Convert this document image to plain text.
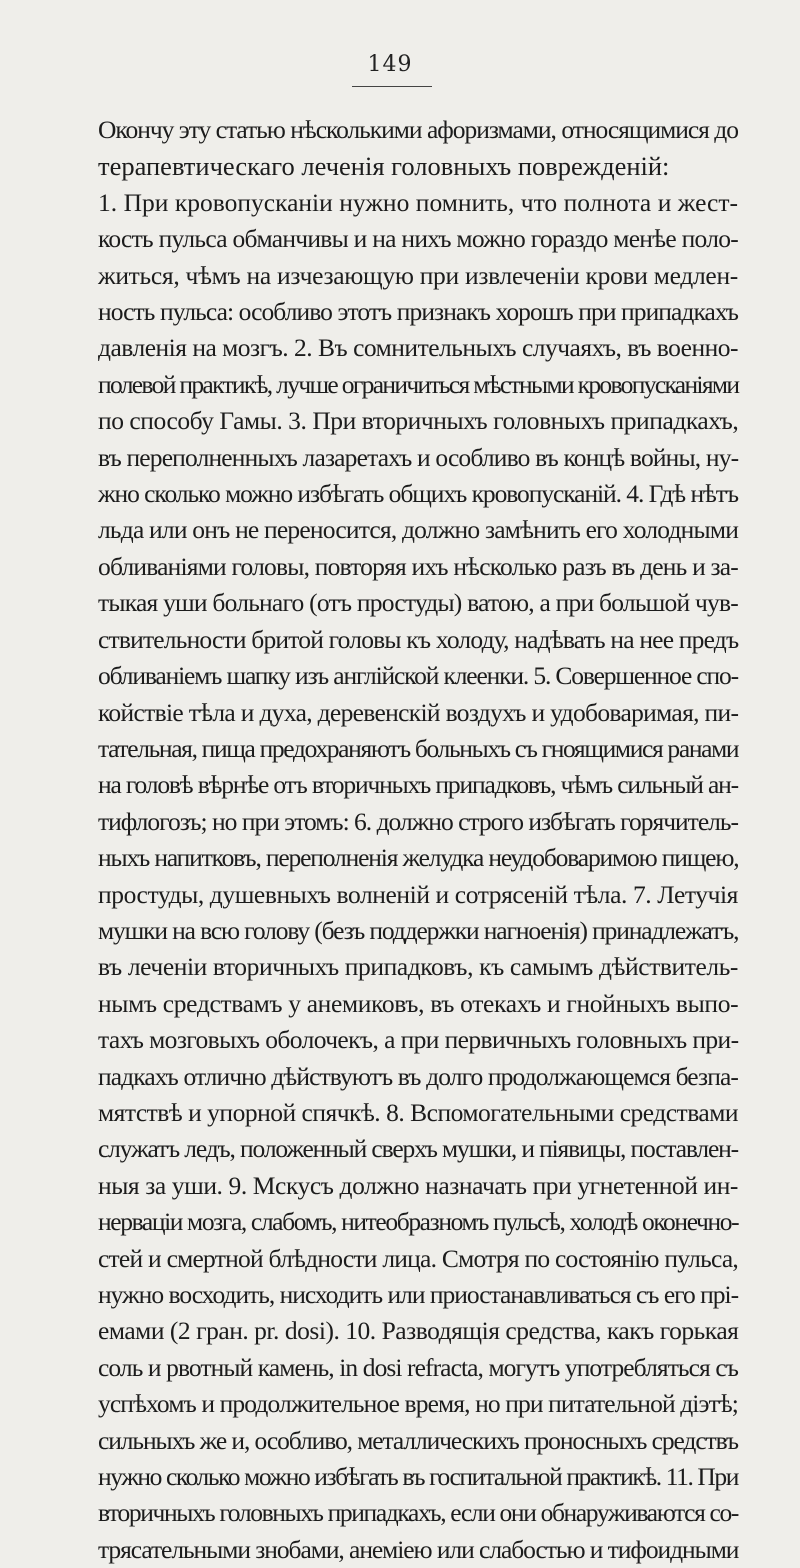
149
Окончу эту статью нѣсколькими афоризмами, относящимися до
терапевтическаго леченія головныхъ поврежденій:
1. При кровопусканіи нужно помнить, что полнота и жест-
кость пульса обманчивы и на нихъ можно гораздо менѣе поло-
житься, чѣмъ на изчезающую при извлеченіи крови медлен-
ность пульса: особливо этотъ признакъ хорошъ при припадкахъ
давленія на мозгъ. 2. Въ сомнительныхъ случаяхъ, въ военно-
полевой практикѣ, лучше ограничиться мѣстными кровопусканіями
по способу Гамы. 3. При вторичныхъ головныхъ припадкахъ,
въ переполненныхъ лазаретахъ и особливо въ концѣ войны, ну-
жно сколько можно избѣгать общихъ кровопусканій. 4. Гдѣ нѣтъ
льда или онъ не переносится, должно замѣнить его холодными
обливаніями головы, повторяя ихъ нѣсколько разъ въ день и за-
тыкая уши больнаго (отъ простуды) ватою, а при большой чув-
ствительности бритой головы къ холоду, надѣвать на нее предъ
обливаніемъ шапку изъ англійской клеенки. 5. Совершенное спо-
койствіе тѣла и духа, деревенскій воздухъ и удобоваримая, пи-
тательная, пища предохраняютъ больныхъ съ гноящимися ранами
на головѣ вѣрнѣе отъ вторичныхъ припадковъ, чѣмъ сильный ан-
тифлогозъ; но при этомъ: 6. должно строго избѣгать горячитель-
ныхъ напитковъ, переполненія желудка неудобоваримою пищею,
простуды, душевныхъ волненій и сотрясеній тѣла. 7. Летучія
мушки на всю голову (безъ поддержки нагноенія) принадлежатъ,
въ леченіи вторичныхъ припадковъ, къ самымъ дѣйствитель-
нымъ средствамъ у анемиковъ, въ отекахъ и гнойныхъ выпо-
тахъ мозговыхъ оболочекъ, а при первичныхъ головныхъ при-
падкахъ отлично дѣйствуютъ въ долго продолжающемся безпа-
мятствѣ и упорной спячкѣ. 8. Вспомогательными средствами
служатъ ледъ, положенный сверхъ мушки, и піявицы, поставлен-
ныя за уши. 9. Мскусъ должно назначать при угнетенной ин-
нерваціи мозга, слабомъ, нитеобразномъ пульсѣ, холодѣ оконечно-
стей и смертной блѣдности лица. Смотря по состоянію пульса,
нужно восходить, нисходить или приостанавливаться съ его прі-
емами (2 гран. pr. dosi). 10. Разводящія средства, какъ горькая
соль и рвотный камень, in dosi refracta, могутъ употребляться съ
успѣхомъ и продолжительное время, но при питательной діэтѣ;
сильныхъ же и, особливо, металлическихъ проносныхъ средствъ
нужно сколько можно избѣгать въ госпитальной практикѣ. 11. При
вторичныхъ головныхъ припадкахъ, если они обнаруживаются со-
трясательными знобами, анеміею или слабостью и тифоидными
